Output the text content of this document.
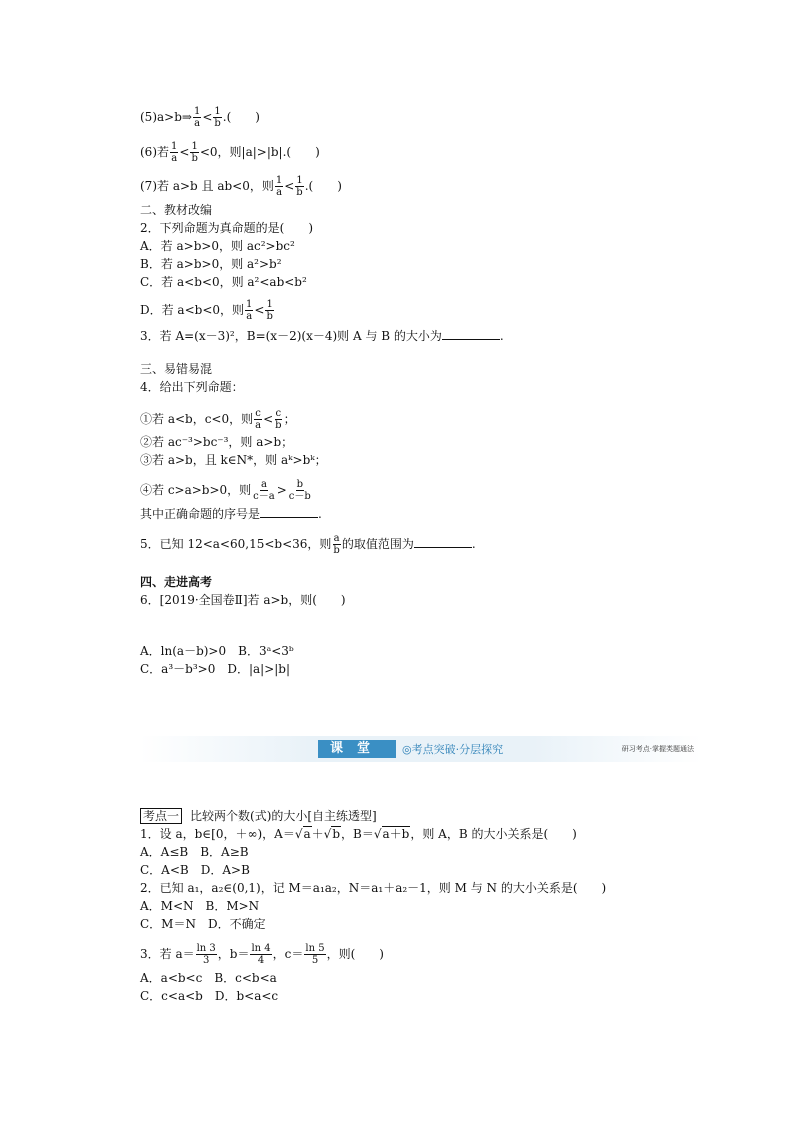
(5)a>b⇒ $\frac{1}{a} < \frac{1}{b}$ .(　　)
(6)若 $\frac{1}{a} < \frac{1}{b} <0$，则|a|>|b|.(　　)
(7)若 a>b 且 ab<0，则 $\frac{1}{a} < \frac{1}{b}$ .(　　)
二、教材改编
2．下列命题为真命题的是(　　)
A．若 a>b>0，则 ac²>bc²
B．若 a>b>0，则 a²>b²
C．若 a<b<0，则 a²<ab<b²
D．若 a<b<0，则 $\frac{1}{a} < \frac{1}{b}$
3．若 A=(x－3)²，B=(x－2)(x－4)则 A 与 B 的大小为	.
三、易错易混
4．给出下列命题：
①若 a<b，c<0，则 $\frac{c}{a} < \frac{c}{b}$ ；
②若 ac⁻³>bc⁻³，则 a>b；
③若 a>b，且 k∈N*，则 aᵏ>bᵏ；
④若 c>a>b>0，则 $\frac{a}{c-a} > \frac{b}{c-b}$
其中正确命题的序号是	.
5．已知 12<a<60,15<b<36，则 $\frac{a}{b}$ 的取值范围为	.
四、走进高考
6．[2019·全国卷Ⅱ]若 a>b，则(　　)
A．ln(a－b)>0　B．3ᵃ<3ᵇ
C．a³－b³>0　D．|a|>|b|
课堂	◎考点突破·分层探究	研习考点·掌握类题通法
考点一 比较两个数(式)的大小[自主练透型]
1．设 a，b∈[0，＋∞)，A＝√a＋√b，B＝√a＋b，则 A，B 的大小关系是(　　)
A．A≤B　B．A≥B
C．A<B　D．A>B
2．已知 a₁，a₂∈(0,1)，记 M＝a₁a₂，N＝a₁＋a₂－1，则 M 与 N 的大小关系是(　　)
A．M<N　B．M>N
C．M＝N　D．不确定
3．若 $a= \frac{\ln 3}{3}$ ，$b= \frac{\ln 4}{4}$ ，$c= \frac{\ln 5}{5}$ ，则(　　)
A．a<b<c　B．c<b<a
C．c<a<b　D．b<a<c
